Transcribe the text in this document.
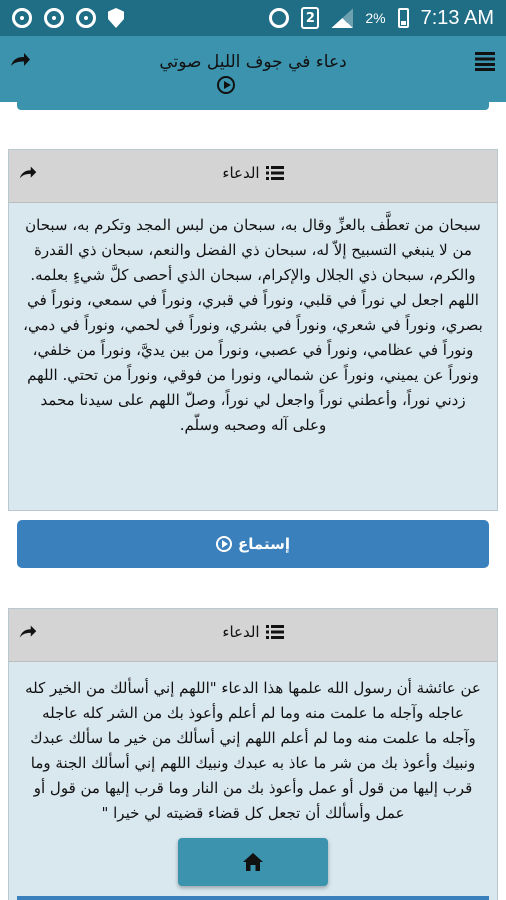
2	2% 7:13 AM
دعاء في جوف الليل صوتي
الدعاء
سبحان من تعطَّف بالعزِّ وقال به، سبحان من لبس المجد وتكرم به، سبحان من لا ينبغي التسبيح إلاّ له، سبحان ذي الفضل والنعم، سبحان ذي القدرة والكرم، سبحان ذي الجلال والإكرام، سبحان الذي أحصى كلَّ شيءٍ بعلمه. اللهم اجعل لي نوراً في قلبي، ونوراً في قبري، ونوراً في سمعي، ونوراً في بصري، ونوراً في شعري، ونوراً في بشري، ونوراً في لحمي، ونوراً في دمي، ونوراً في عظامي، ونوراً في عصبي، ونوراً من بين يديَّ، ونوراً من خلفي، ونوراً عن يميني، ونوراً عن شمالي، ونورا من فوقي، ونوراً من تحتي. اللهم زدني نوراً، وأعطني نوراً واجعل لي نوراً، وصلّ اللهم على سيدنا محمد وعلى آله وصحبه وسلّم.
إستماع
الدعاء
عن عائشة أن رسول الله علمها هذا الدعاء "اللهم إني أسألك من الخير كله عاجله وآجله ما علمت منه وما لم أعلم وأعوذ بك من الشر كله عاجله وآجله ما علمت منه وما لم أعلم اللهم إني أسألك من خير ما سألك عبدك ونبيك وأعوذ بك من شر ما عاذ به عبدك ونبيك اللهم إني أسألك الجنة وما قرب إليها من قول أو عمل وأعوذ بك من النار وما قرب إليها من قول أو عمل وأسألك أن تجعل كل قضاء قضيته لي خيرا "
